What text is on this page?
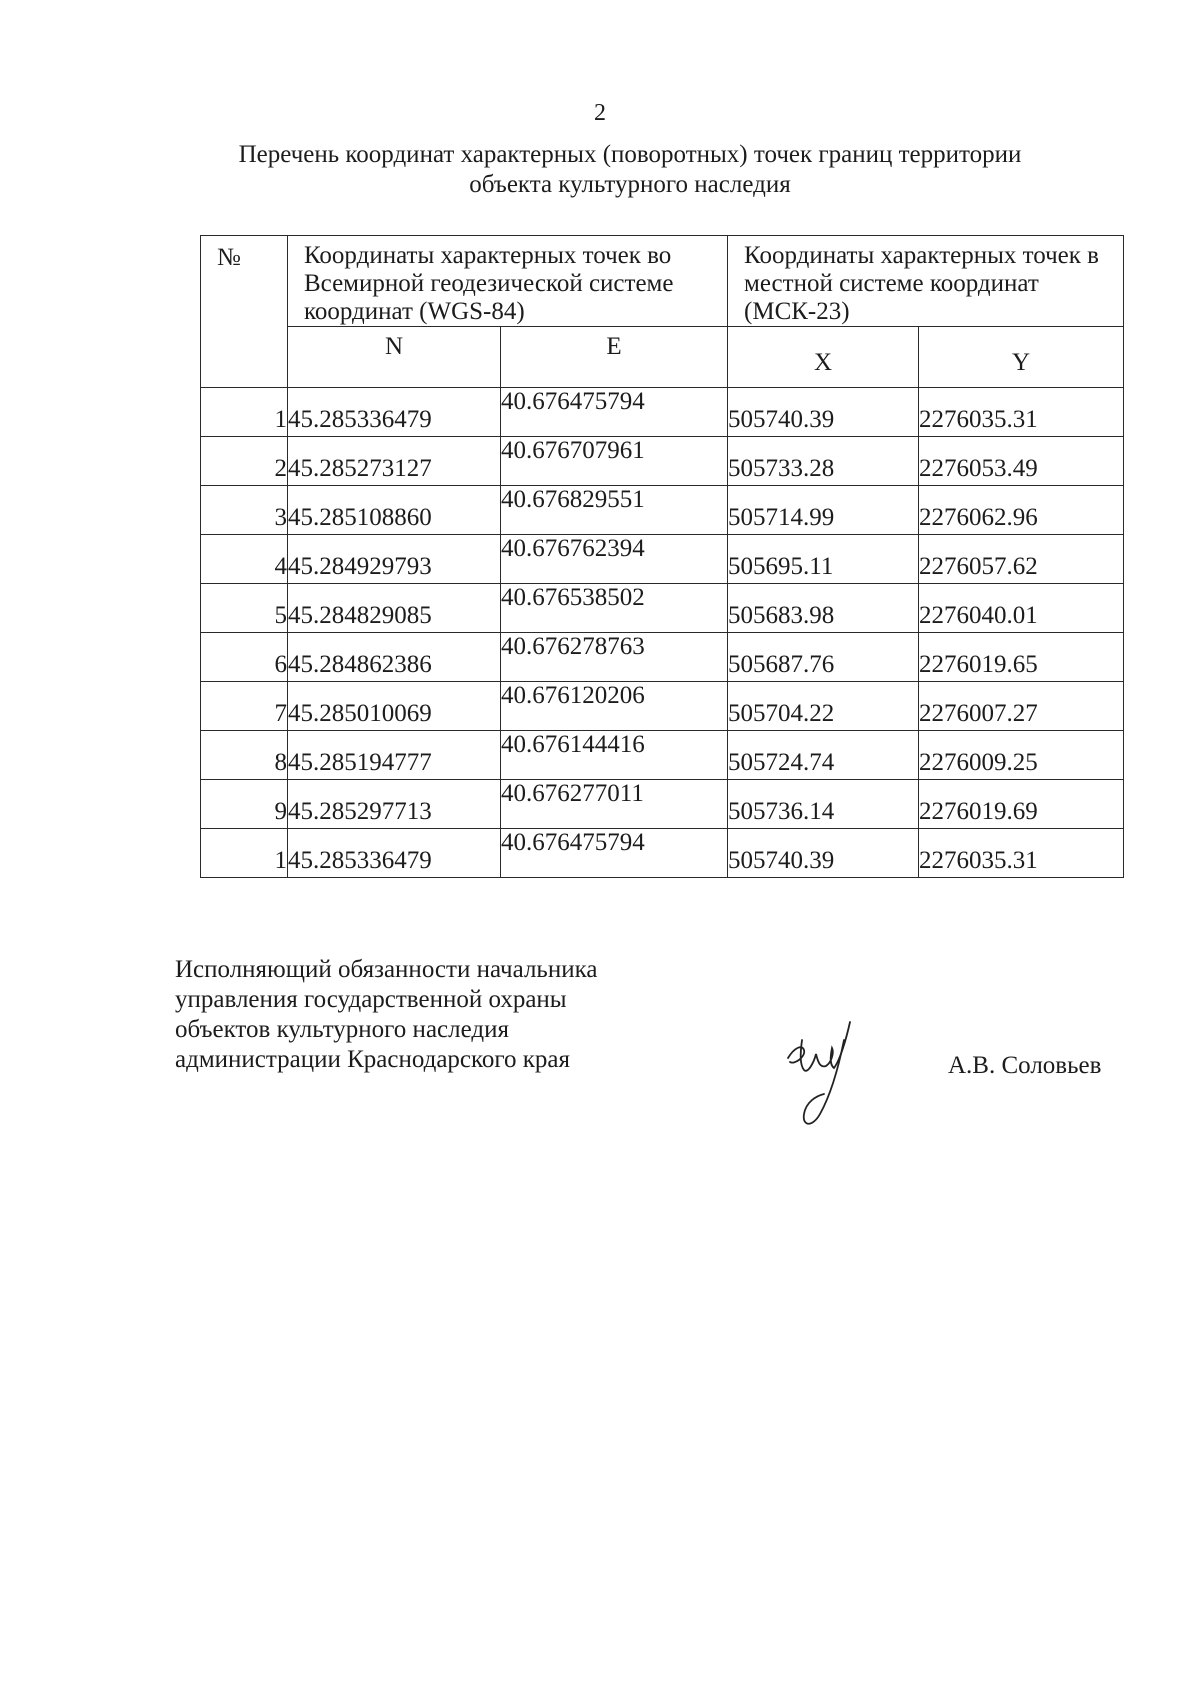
2
Перечень координат характерных (поворотных) точек границ территории
объекта культурного наследия
№	Координаты характерных точек во Всемирной геодезической системе координат (WGS-84)		Координаты характерных точек в местной системе координат (МСК-23)	
	N	E	X	Y
1	45.285336479	40.676475794	505740.39	2276035.31
2	45.285273127	40.676707961	505733.28	2276053.49
3	45.285108860	40.676829551	505714.99	2276062.96
4	45.284929793	40.676762394	505695.11	2276057.62
5	45.284829085	40.676538502	505683.98	2276040.01
6	45.284862386	40.676278763	505687.76	2276019.65
7	45.285010069	40.676120206	505704.22	2276007.27
8	45.285194777	40.676144416	505724.74	2276009.25
9	45.285297713	40.676277011	505736.14	2276019.69
1	45.285336479	40.676475794	505740.39	2276035.31
Исполняющий обязанности начальника
управления государственной охраны
объектов культурного наследия
администрации Краснодарского края	А.В. Соловьев
